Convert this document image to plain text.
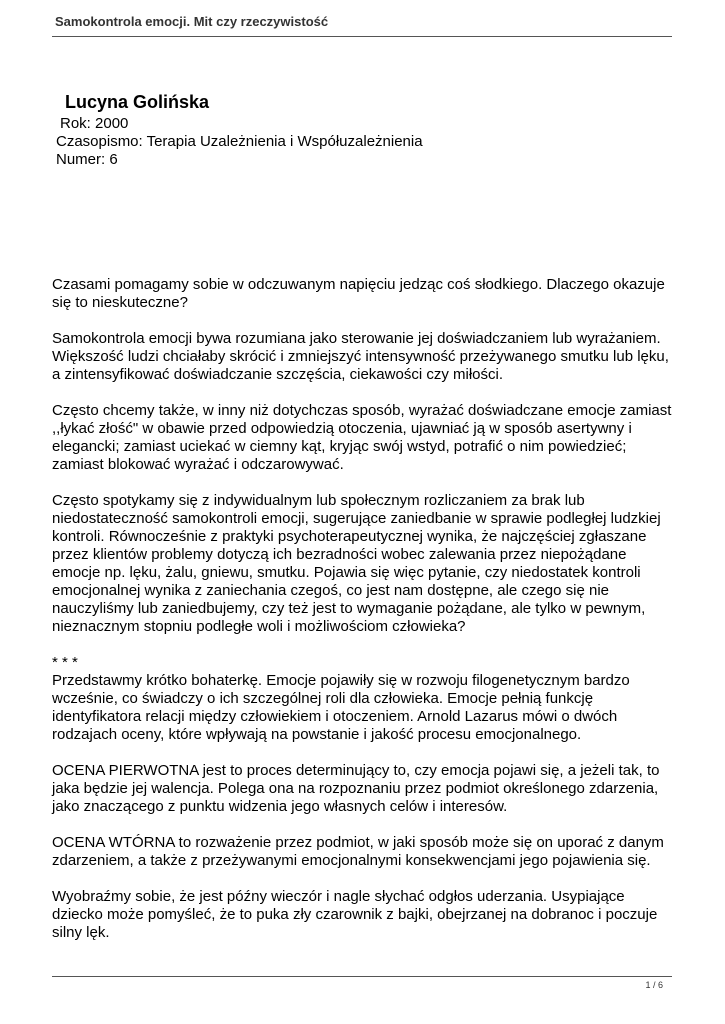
Samokontrola emocji. Mit czy rzeczywistość
Lucyna Golińska
Rok: 2000
Czasopismo: Terapia Uzależnienia i Współuzależnienia
Numer: 6

Czasami pomagamy sobie w odczuwanym napięciu jedząc coś słodkiego. Dlaczego okazuje się to nieskuteczne?

Samokontrola emocji bywa rozumiana jako sterowanie jej doświadczaniem lub wyrażaniem. Większość ludzi chciałaby skrócić i zmniejszyć intensywność przeżywanego smutku lub lęku, a zintensyfikować doświadczanie szczęścia, ciekawości czy miłości.

Często chcemy także, w inny niż dotychczas sposób, wyrażać doświadczane emocje zamiast ,,łykać złość" w obawie przed odpowiedzią otoczenia, ujawniać ją w sposób asertywny i elegancki; zamiast uciekać w ciemny kąt, kryjąc swój wstyd, potrafić o nim powiedzieć; zamiast blokować wyrażać i odczarowywać.

Często spotykamy się z indywidualnym lub społecznym rozliczaniem za brak lub niedostateczność samokontroli emocji, sugerujące zaniedbanie w sprawie podległej ludzkiej kontroli. Równocześnie z praktyki psychoterapeutycznej wynika, że najczęściej zgłaszane przez klientów problemy dotyczą ich bezradności wobec zalewania przez niepożądane emocje np. lęku, żalu, gniewu, smutku. Pojawia się więc pytanie, czy niedostatek kontroli emocjonalnej wynika z zaniechania czegoś, co jest nam dostępne, ale czego się nie nauczyliśmy lub zaniedbujemy, czy też jest to wymaganie pożądane, ale tylko w pewnym, nieznacznym stopniu podległe woli i możliwościom człowieka?

* * *

Przedstawmy krótko bohaterkę. Emocje pojawiły się w rozwoju filogenetycznym bardzo wcześnie, co świadczy o ich szczególnej roli dla człowieka. Emocje pełnią funkcję identyfikatora relacji między człowiekiem i otoczeniem. Arnold Lazarus mówi o dwóch rodzajach oceny, które wpływają na powstanie i jakość procesu emocjonalnego.

OCENA PIERWOTNA jest to proces determinujący to, czy emocja pojawi się, a jeżeli tak, to jaka będzie jej walencja. Polega ona na rozpoznaniu przez podmiot określonego zdarzenia, jako znaczącego z punktu widzenia jego własnych celów i interesów.

OCENA WTÓRNA to rozważenie przez podmiot, w jaki sposób może się on uporać z danym zdarzeniem, a także z przeżywanymi emocjonalnymi konsekwencjami jego pojawienia się.

Wyobraźmy sobie, że jest późny wieczór i nagle słychać odgłos uderzania. Usypiające dziecko może pomyśleć, że to puka zły czarownik z bajki, obejrzanej na dobranoc i poczuje silny lęk.

1 / 6
